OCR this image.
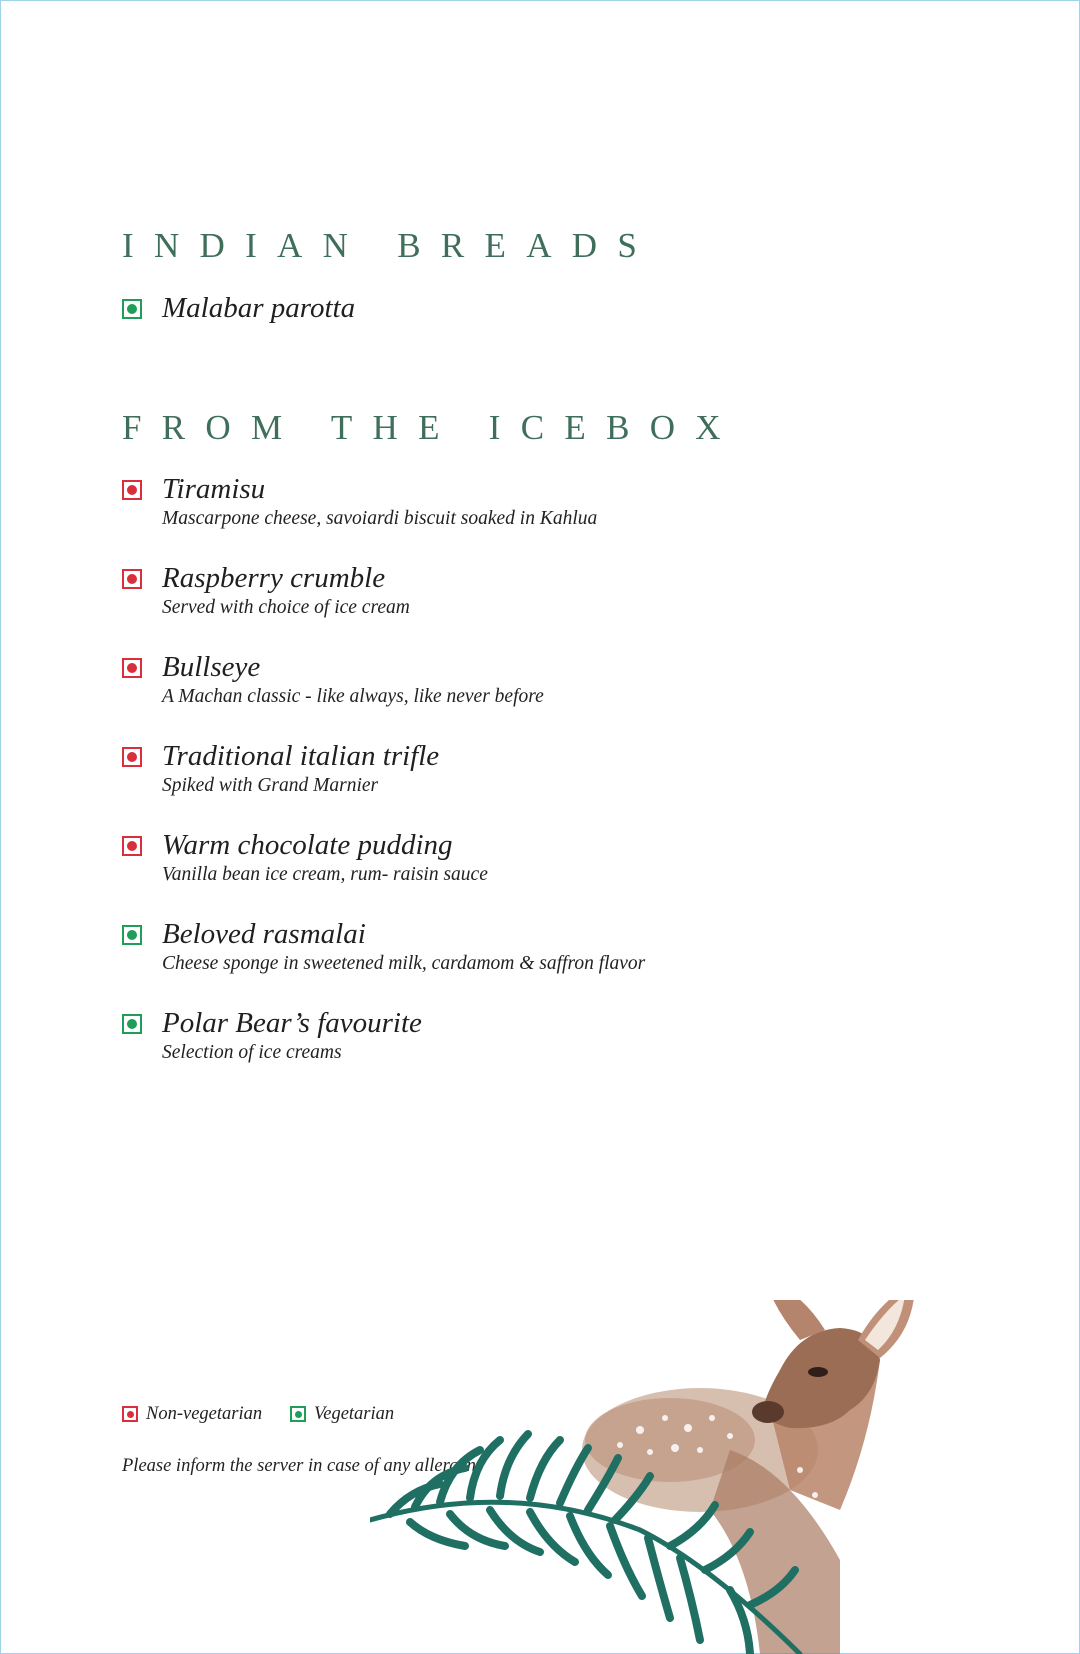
INDIAN BREADS
Malabar parotta
FROM THE ICEBOX
Tiramisu
Mascarpone cheese, savoiardi biscuit soaked in Kahlua
Raspberry crumble
Served with choice of ice cream
Bullseye
A Machan classic - like always, like never before
Traditional italian trifle
Spiked with Grand Marnier
Warm chocolate pudding
Vanilla bean ice cream, rum- raisin sauce
Beloved rasmalai
Cheese sponge in sweetened milk, cardamom & saffron flavor
Polar Bear’s favourite
Selection of ice creams
Non-vegetarian	Vegetarian
Please inform the server in case of any allergens
